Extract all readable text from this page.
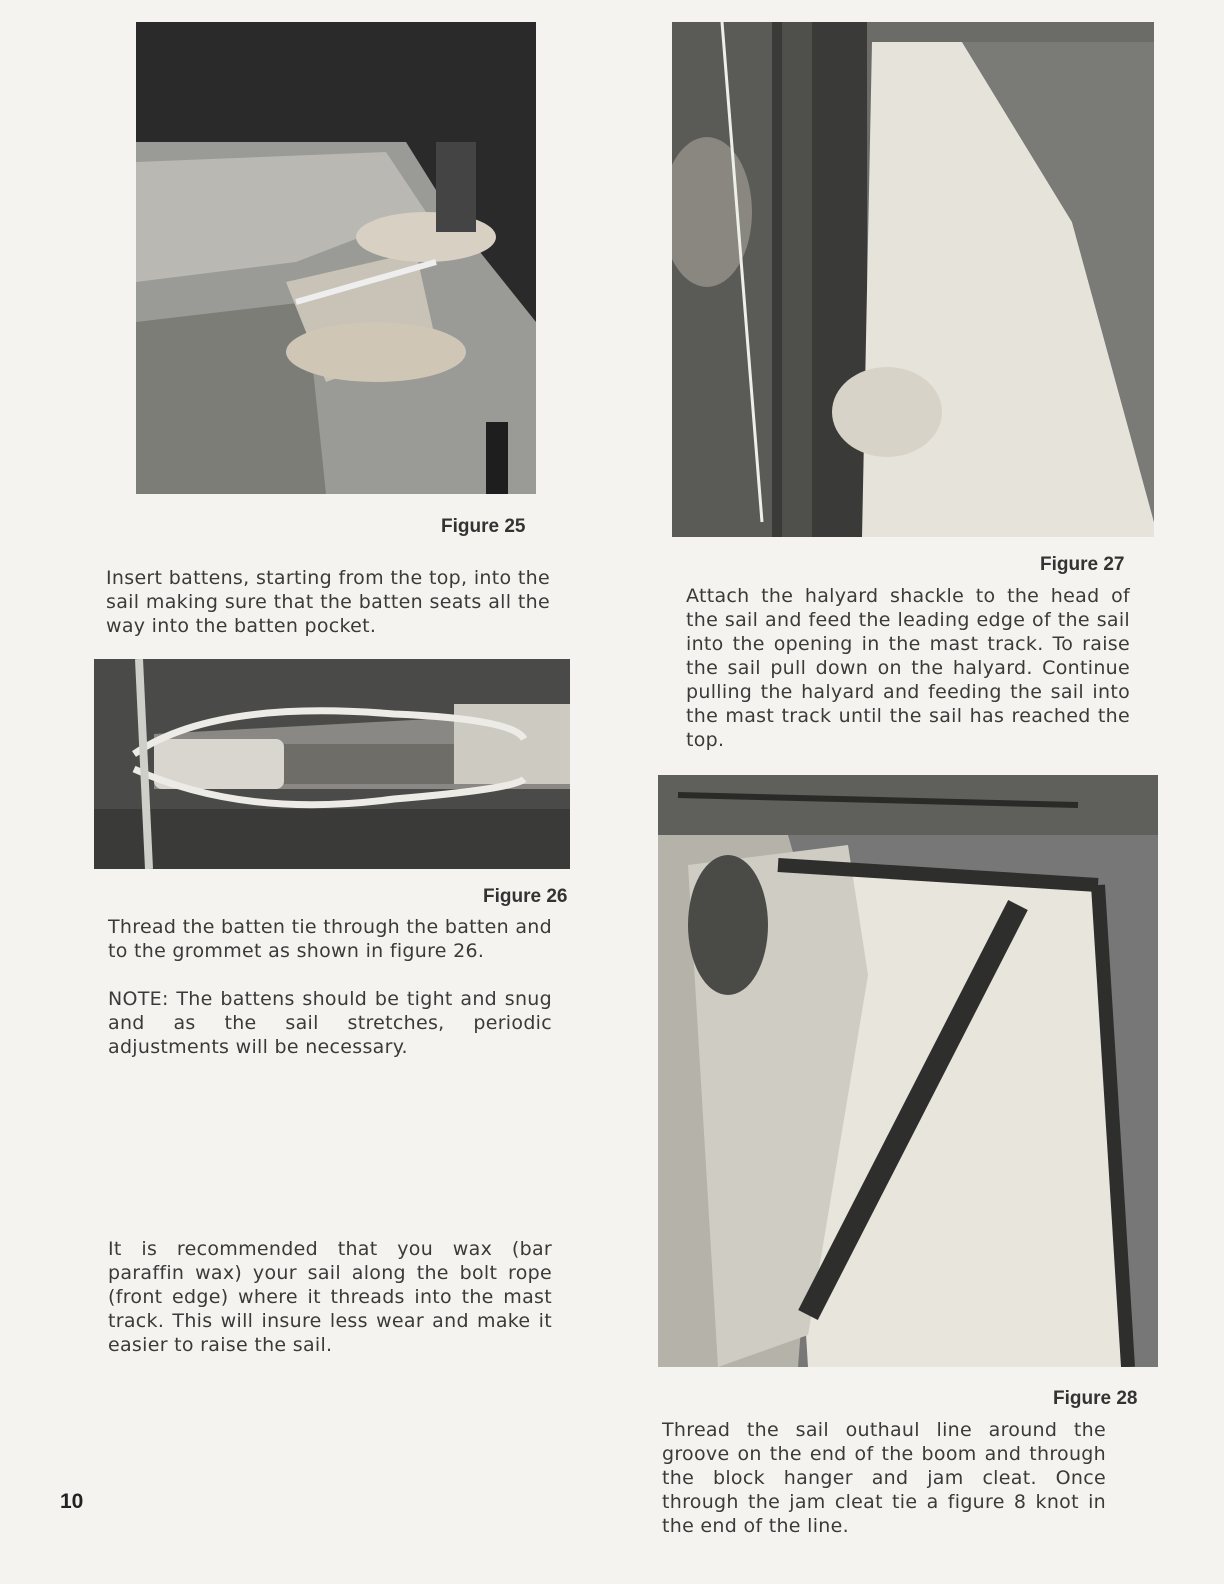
Figure 25
Insert battens, starting from the top, into the sail making sure that the batten seats all the way into the batten pocket.
Figure 26
Thread the batten tie through the batten and to the grommet as shown in figure 26.
NOTE: The battens should be tight and snug and as the sail stretches, periodic adjustments will be necessary.
It is recommended that you wax (bar paraffin wax) your sail along the bolt rope (front edge) where it threads into the mast track. This will insure less wear and make it easier to raise the sail.
Figure 27
Attach the halyard shackle to the head of the sail and feed the leading edge of the sail into the opening in the mast track. To raise the sail pull down on the halyard. Continue pulling the halyard and feeding the sail into the mast track until the sail has reached the top.
Figure 28
Thread the sail outhaul line around the groove on the end of the boom and through the block hanger and jam cleat. Once through the jam cleat tie a figure 8 knot in the end of the line.
10
